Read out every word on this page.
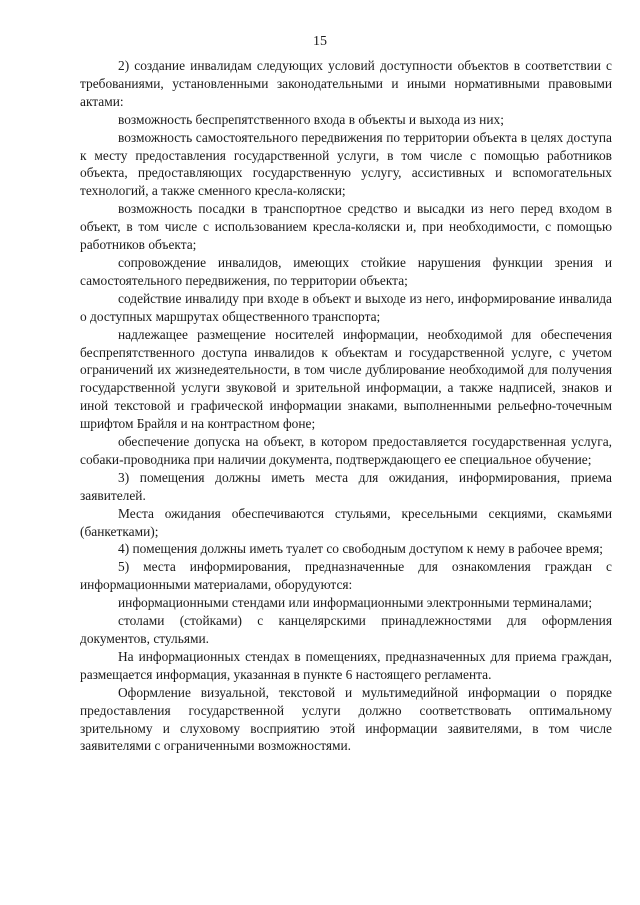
15

2) создание инвалидам следующих условий доступности объектов в соответствии с требованиями, установленными законодательными и иными нормативными правовыми актами:

возможность беспрепятственного входа в объекты и выхода из них;

возможность самостоятельного передвижения по территории объекта в целях доступа к месту предоставления государственной услуги, в том числе с помощью работников объекта, предоставляющих государственную услугу, ассистивных и вспомогательных технологий, а также сменного кресла-коляски;

возможность посадки в транспортное средство и высадки из него перед входом в объект, в том числе с использованием кресла-коляски и, при необходимости, с помощью работников объекта;

сопровождение инвалидов, имеющих стойкие нарушения функции зрения и самостоятельного передвижения, по территории объекта;

содействие инвалиду при входе в объект и выходе из него, информирование инвалида о доступных маршрутах общественного транспорта;

надлежащее размещение носителей информации, необходимой для обеспечения беспрепятственного доступа инвалидов к объектам и государственной услуге, с учетом ограничений их жизнедеятельности, в том числе дублирование необходимой для получения государственной услуги звуковой и зрительной информации, а также надписей, знаков и иной текстовой и графической информации знаками, выполненными рельефно-точечным шрифтом Брайля и на контрастном фоне;

обеспечение допуска на объект, в котором предоставляется государственная услуга, собаки-проводника при наличии документа, подтверждающего ее специальное обучение;

3) помещения должны иметь места для ожидания, информирования, приема заявителей.

Места ожидания обеспечиваются стульями, кресельными секциями, скамьями (банкетками);

4) помещения должны иметь туалет со свободным доступом к нему в рабочее время;

5) места информирования, предназначенные для ознакомления граждан с информационными материалами, оборудуются:

информационными стендами или информационными электронными терминалами;

столами (стойками) с канцелярскими принадлежностями для оформления документов, стульями.

На информационных стендах в помещениях, предназначенных для приема граждан, размещается информация, указанная в пункте 6 настоящего регламента.

Оформление визуальной, текстовой и мультимедийной информации о порядке предоставления государственной услуги должно соответствовать оптимальному зрительному и слуховому восприятию этой информации заявителями, в том числе заявителями с ограниченными возможностями.
